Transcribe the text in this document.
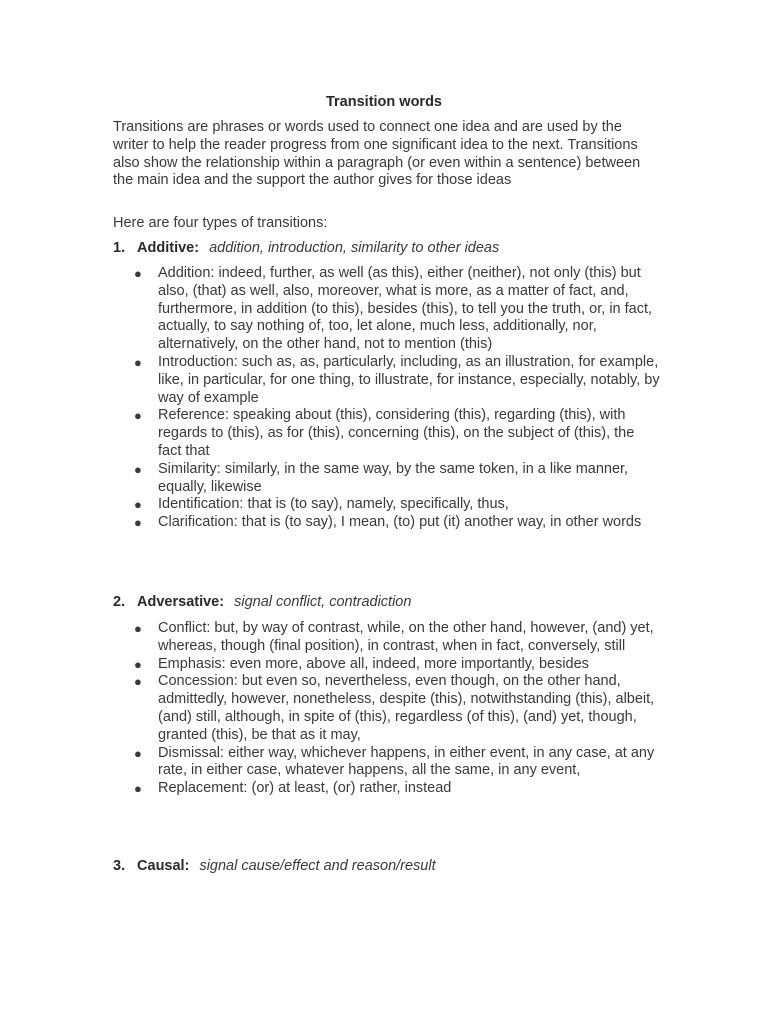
Transition words

Transitions are phrases or words used to connect one idea and are used by the writer to help the reader progress from one significant idea to the next. Transitions also show the relationship within a paragraph (or even within a sentence) between the main idea and the support the author gives for those ideas

Here are four types of transitions:

1. Additive: addition, introduction, similarity to other ideas
● Addition: indeed, further, as well (as this), either (neither), not only (this) but also, (that) as well, also, moreover, what is more, as a matter of fact, and, furthermore, in addition (to this), besides (this), to tell you the truth, or, in fact, actually, to say nothing of, too, let alone, much less, additionally, nor, alternatively, on the other hand, not to mention (this)
● Introduction: such as, as, particularly, including, as an illustration, for example, like, in particular, for one thing, to illustrate, for instance, especially, notably, by way of example
● Reference: speaking about (this), considering (this), regarding (this), with regards to (this), as for (this), concerning (this), on the subject of (this), the fact that
● Similarity: similarly, in the same way, by the same token, in a like manner, equally, likewise
● Identification: that is (to say), namely, specifically, thus,
● Clarification: that is (to say), I mean, (to) put (it) another way, in other words
2. Adversative: signal conflict, contradiction
● Conflict: but, by way of contrast, while, on the other hand, however, (and) yet, whereas, though (final position), in contrast, when in fact, conversely, still
● Emphasis: even more, above all, indeed, more importantly, besides
● Concession: but even so, nevertheless, even though, on the other hand, admittedly, however, nonetheless, despite (this), notwithstanding (this), albeit, (and) still, although, in spite of (this), regardless (of this), (and) yet, though, granted (this), be that as it may,
● Dismissal: either way, whichever happens, in either event, in any case, at any rate, in either case, whatever happens, all the same, in any event,
● Replacement: (or) at least, (or) rather, instead
3. Causal: signal cause/effect and reason/result
